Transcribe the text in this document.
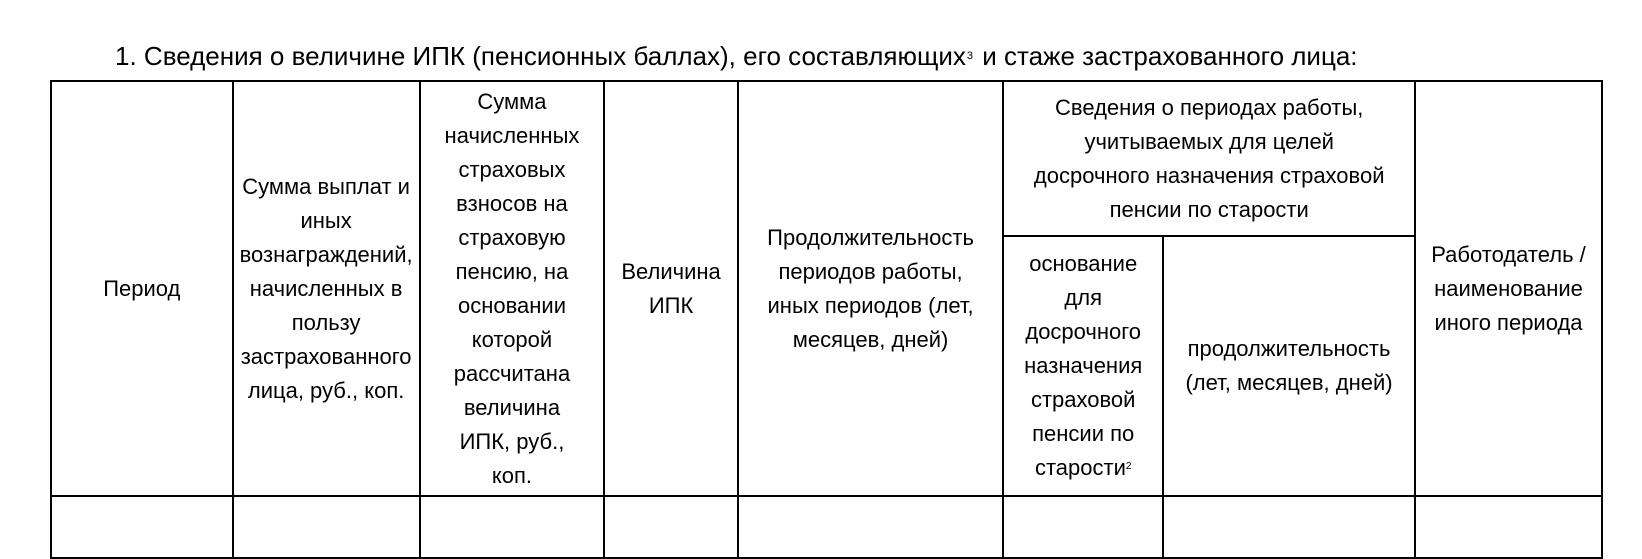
1. Сведения о величине ИПК (пенсионных баллах), его составляющих$^3$ и стаже застрахованного лица:
Период	Сумма выплат и иных вознаграждений, начисленных в пользу застрахованного лица, руб., коп.	Сумма начисленных страховых взносов на страховую пенсию, на основании которой рассчитана величина ИПК, руб., коп.	Величина ИПК	Продолжительность периодов работы, иных периодов (лет, месяцев, дней)	Сведения о периодах работы, учитываемых для целей досрочного назначения страховой пенсии по старости		Работодатель / наименование иного периода
					основание для досрочного назначения страховой пенсии по старости$^2$	продолжительность (лет, месяцев, дней)	
